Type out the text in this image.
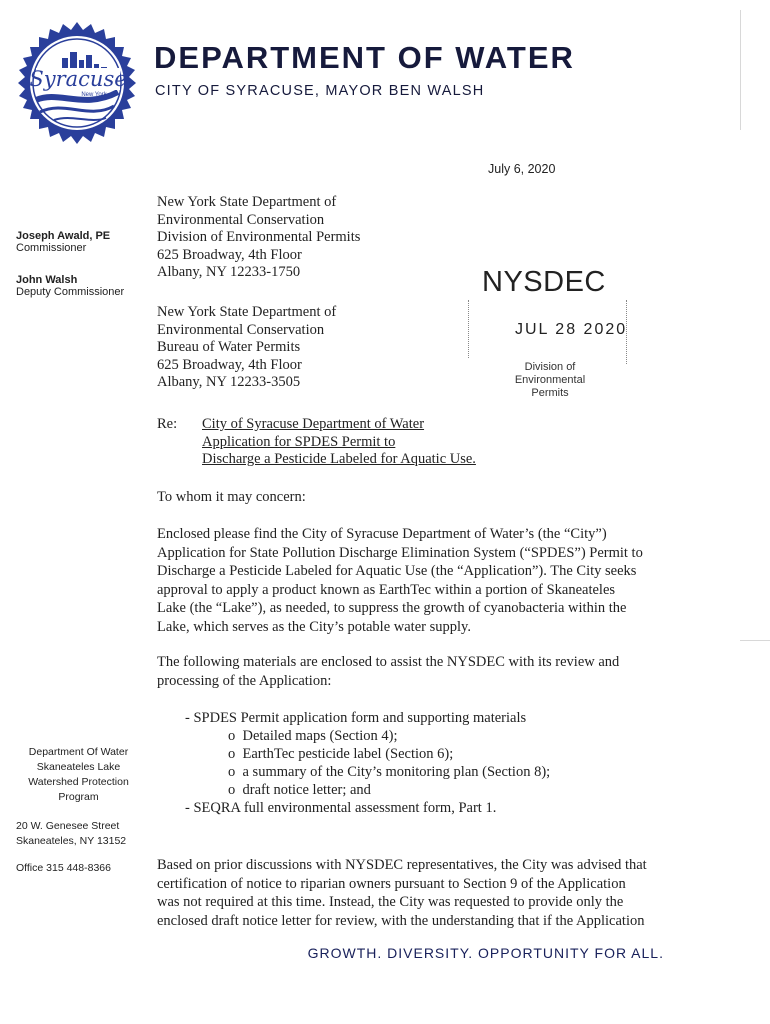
Syracuse
New York
DEPARTMENT OF WATER
CITY OF SYRACUSE, MAYOR BEN WALSH
July 6, 2020
Joseph Awald, PE
Commissioner
John Walsh
Deputy Commissioner
Department Of Water
Skaneateles Lake
Watershed Protection
Program
20 W. Genesee Street
Skaneateles, NY 13152
Office 315 448-8366
New York State Department of
Environmental Conservation
Division of Environmental Permits
625 Broadway, 4th Floor
Albany, NY 12233-1750
New York State Department of
Environmental Conservation
Bureau of Water Permits
625 Broadway, 4th Floor
Albany, NY 12233-3505
NYSDEC
JUL 28 2020
Division of
Environmental Permits
Re: City of Syracuse Department of Water
Application for SPDES Permit to
Discharge a Pesticide Labeled for Aquatic Use.
To whom it may concern:
Enclosed please find the City of Syracuse Department of Water’s (the “City”)
Application for State Pollution Discharge Elimination System (“SPDES”) Permit to
Discharge a Pesticide Labeled for Aquatic Use (the “Application”). The City seeks
approval to apply a product known as EarthTec within a portion of Skaneateles
Lake (the “Lake”), as needed, to suppress the growth of cyanobacteria within the
Lake, which serves as the City’s potable water supply.
The following materials are enclosed to assist the NYSDEC with its review and
processing of the Application:
- SPDES Permit application form and supporting materials
o  Detailed maps (Section 4);
o  EarthTec pesticide label (Section 6);
o  a summary of the City’s monitoring plan (Section 8);
o  draft notice letter; and
- SEQRA full environmental assessment form, Part 1.
Based on prior discussions with NYSDEC representatives, the City was advised that
certification of notice to riparian owners pursuant to Section 9 of the Application
was not required at this time. Instead, the City was requested to provide only the
enclosed draft notice letter for review, with the understanding that if the Application
GROWTH. DIVERSITY. OPPORTUNITY FOR ALL.
